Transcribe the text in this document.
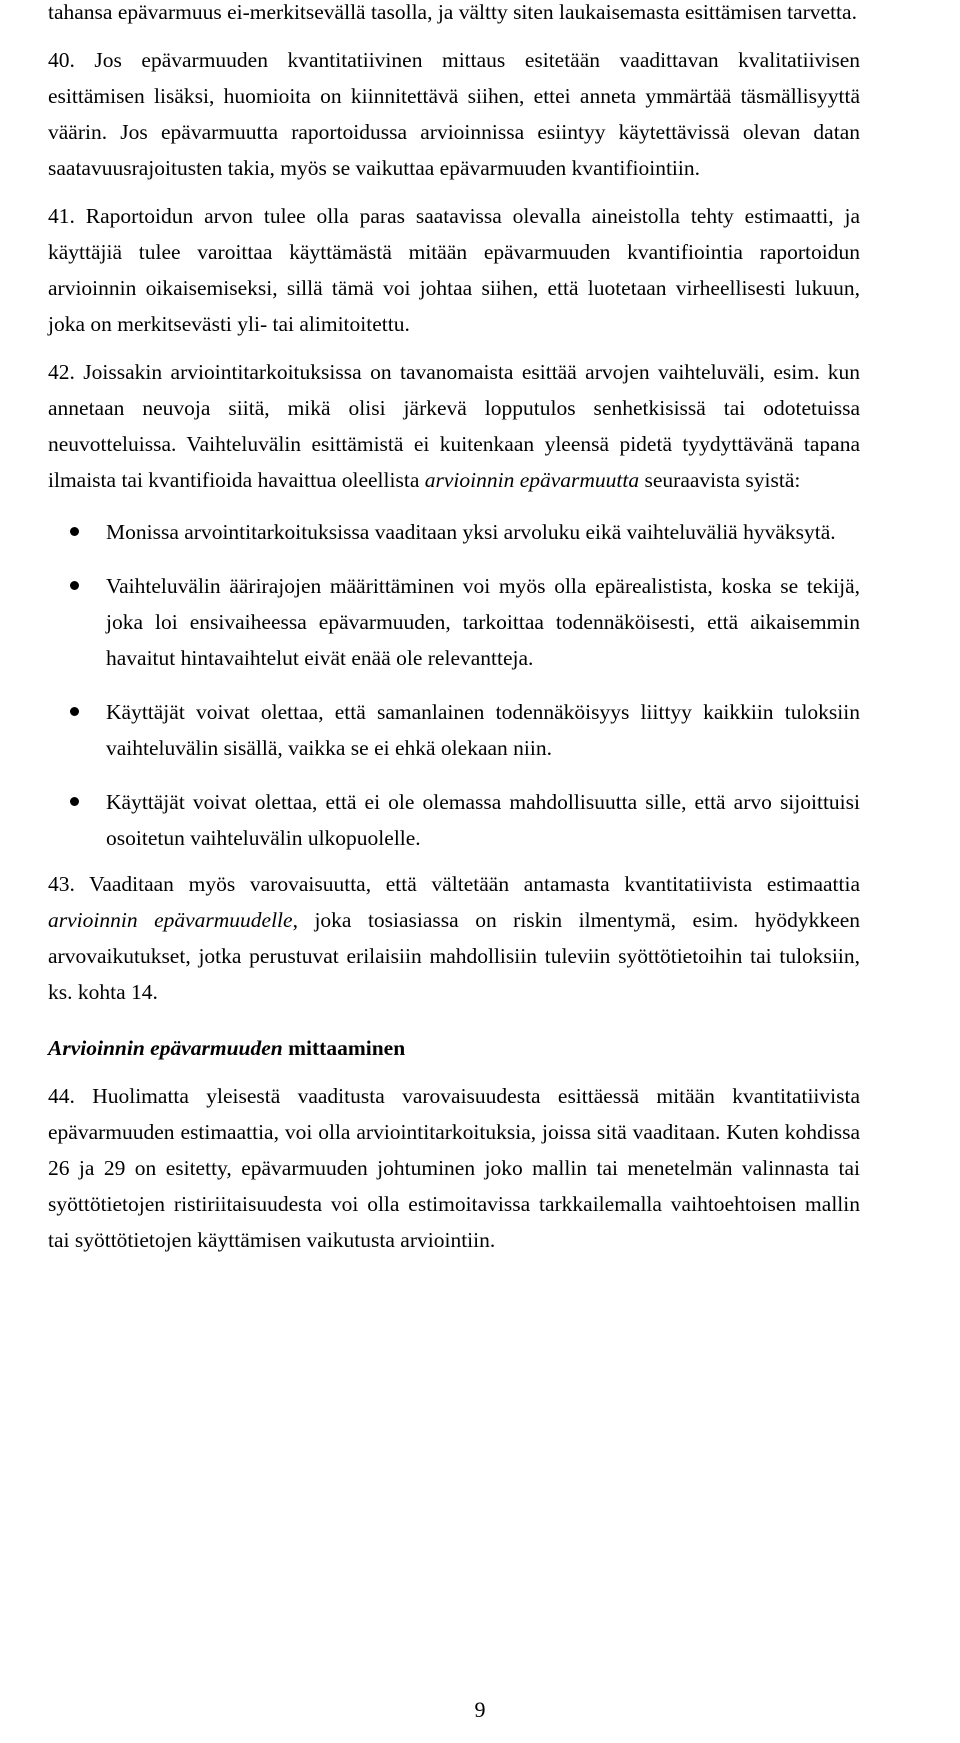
tahansa epävarmuus ei-merkitsevällä tasolla, ja vältty siten laukaisemasta esittämisen tarvetta.

40. Jos epävarmuuden kvantitatiivinen mittaus esitetään vaadittavan kvalitatiivisen esittämisen lisäksi, huomioita on kiinnitettävä siihen, ettei anneta ymmärtää täsmällisyyttä väärin. Jos epävarmuutta raportoidussa arvioinnissa esiintyy käytettävissä olevan datan saatavuusrajoitusten takia, myös se vaikuttaa epävarmuuden kvantifiointiin.
41. Raportoidun arvon tulee olla paras saatavissa olevalla aineistolla tehty estimaatti, ja käyttäjiä tulee varoittaa käyttämästä mitään epävarmuuden kvantifiointia raportoidun arvioinnin oikaisemiseksi, sillä tämä voi johtaa siihen, että luotetaan virheellisesti lukuun, joka on merkitsevästi yli- tai alimitoitettu.
42. Joissakin arviointitarkoituksissa on tavanomaista esittää arvojen vaihteluväli, esim. kun annetaan neuvoja siitä, mikä olisi järkevä lopputulos senhetkisissä tai odotetuissa neuvotteluissa. Vaihteluvälin esittämistä ei kuitenkaan yleensä pidetä tyydyttävänä tapana ilmaista tai kvantifioida havaittua oleellista arvioinnin epävarmuutta seuraavista syistä:
Monissa arvointitarkoituksissa vaaditaan yksi arvoluku eikä vaihteluväliä hyväksytä.
Vaihteluvälin äärirajojen määrittäminen voi myös olla epärealistista, koska se tekijä, joka loi ensivaiheessa epävarmuuden, tarkoittaa todennäköisesti, että aikaisemmin havaitut hintavaihtelut eivät enää ole relevantteja.
Käyttäjät voivat olettaa, että samanlainen todennäköisyys liittyy kaikkiin tuloksiin vaihteluvälin sisällä, vaikka se ei ehkä olekaan niin.
Käyttäjät voivat olettaa, että ei ole olemassa mahdollisuutta sille, että arvo sijoittuisi osoitetun vaihteluvälin ulkopuolelle.
43. Vaaditaan myös varovaisuutta, että vältetään antamasta kvantitatiivista estimaattia arvioinnin epävarmuudelle, joka tosiasiassa on riskin ilmentymä, esim. hyödykkeen arvovaikutukset, jotka perustuvat erilaisiin mahdollisiin tuleviin syöttötietoihin tai tuloksiin, ks. kohta 14.

Arvioinnin epävarmuuden mittaaminen

44. Huolimatta yleisestä vaaditusta varovaisuudesta esittäessä mitään kvantitatiivista epävarmuuden estimaattia, voi olla arviointitarkoituksia, joissa sitä vaaditaan. Kuten kohdissa 26 ja 29 on esitetty, epävarmuuden johtuminen joko mallin tai menetelmän valinnasta tai syöttötietojen ristiriitaisuudesta voi olla estimoitavissa tarkkailemalla vaihtoehtoisen mallin tai syöttötietojen käyttämisen vaikutusta arviointiin.
9
